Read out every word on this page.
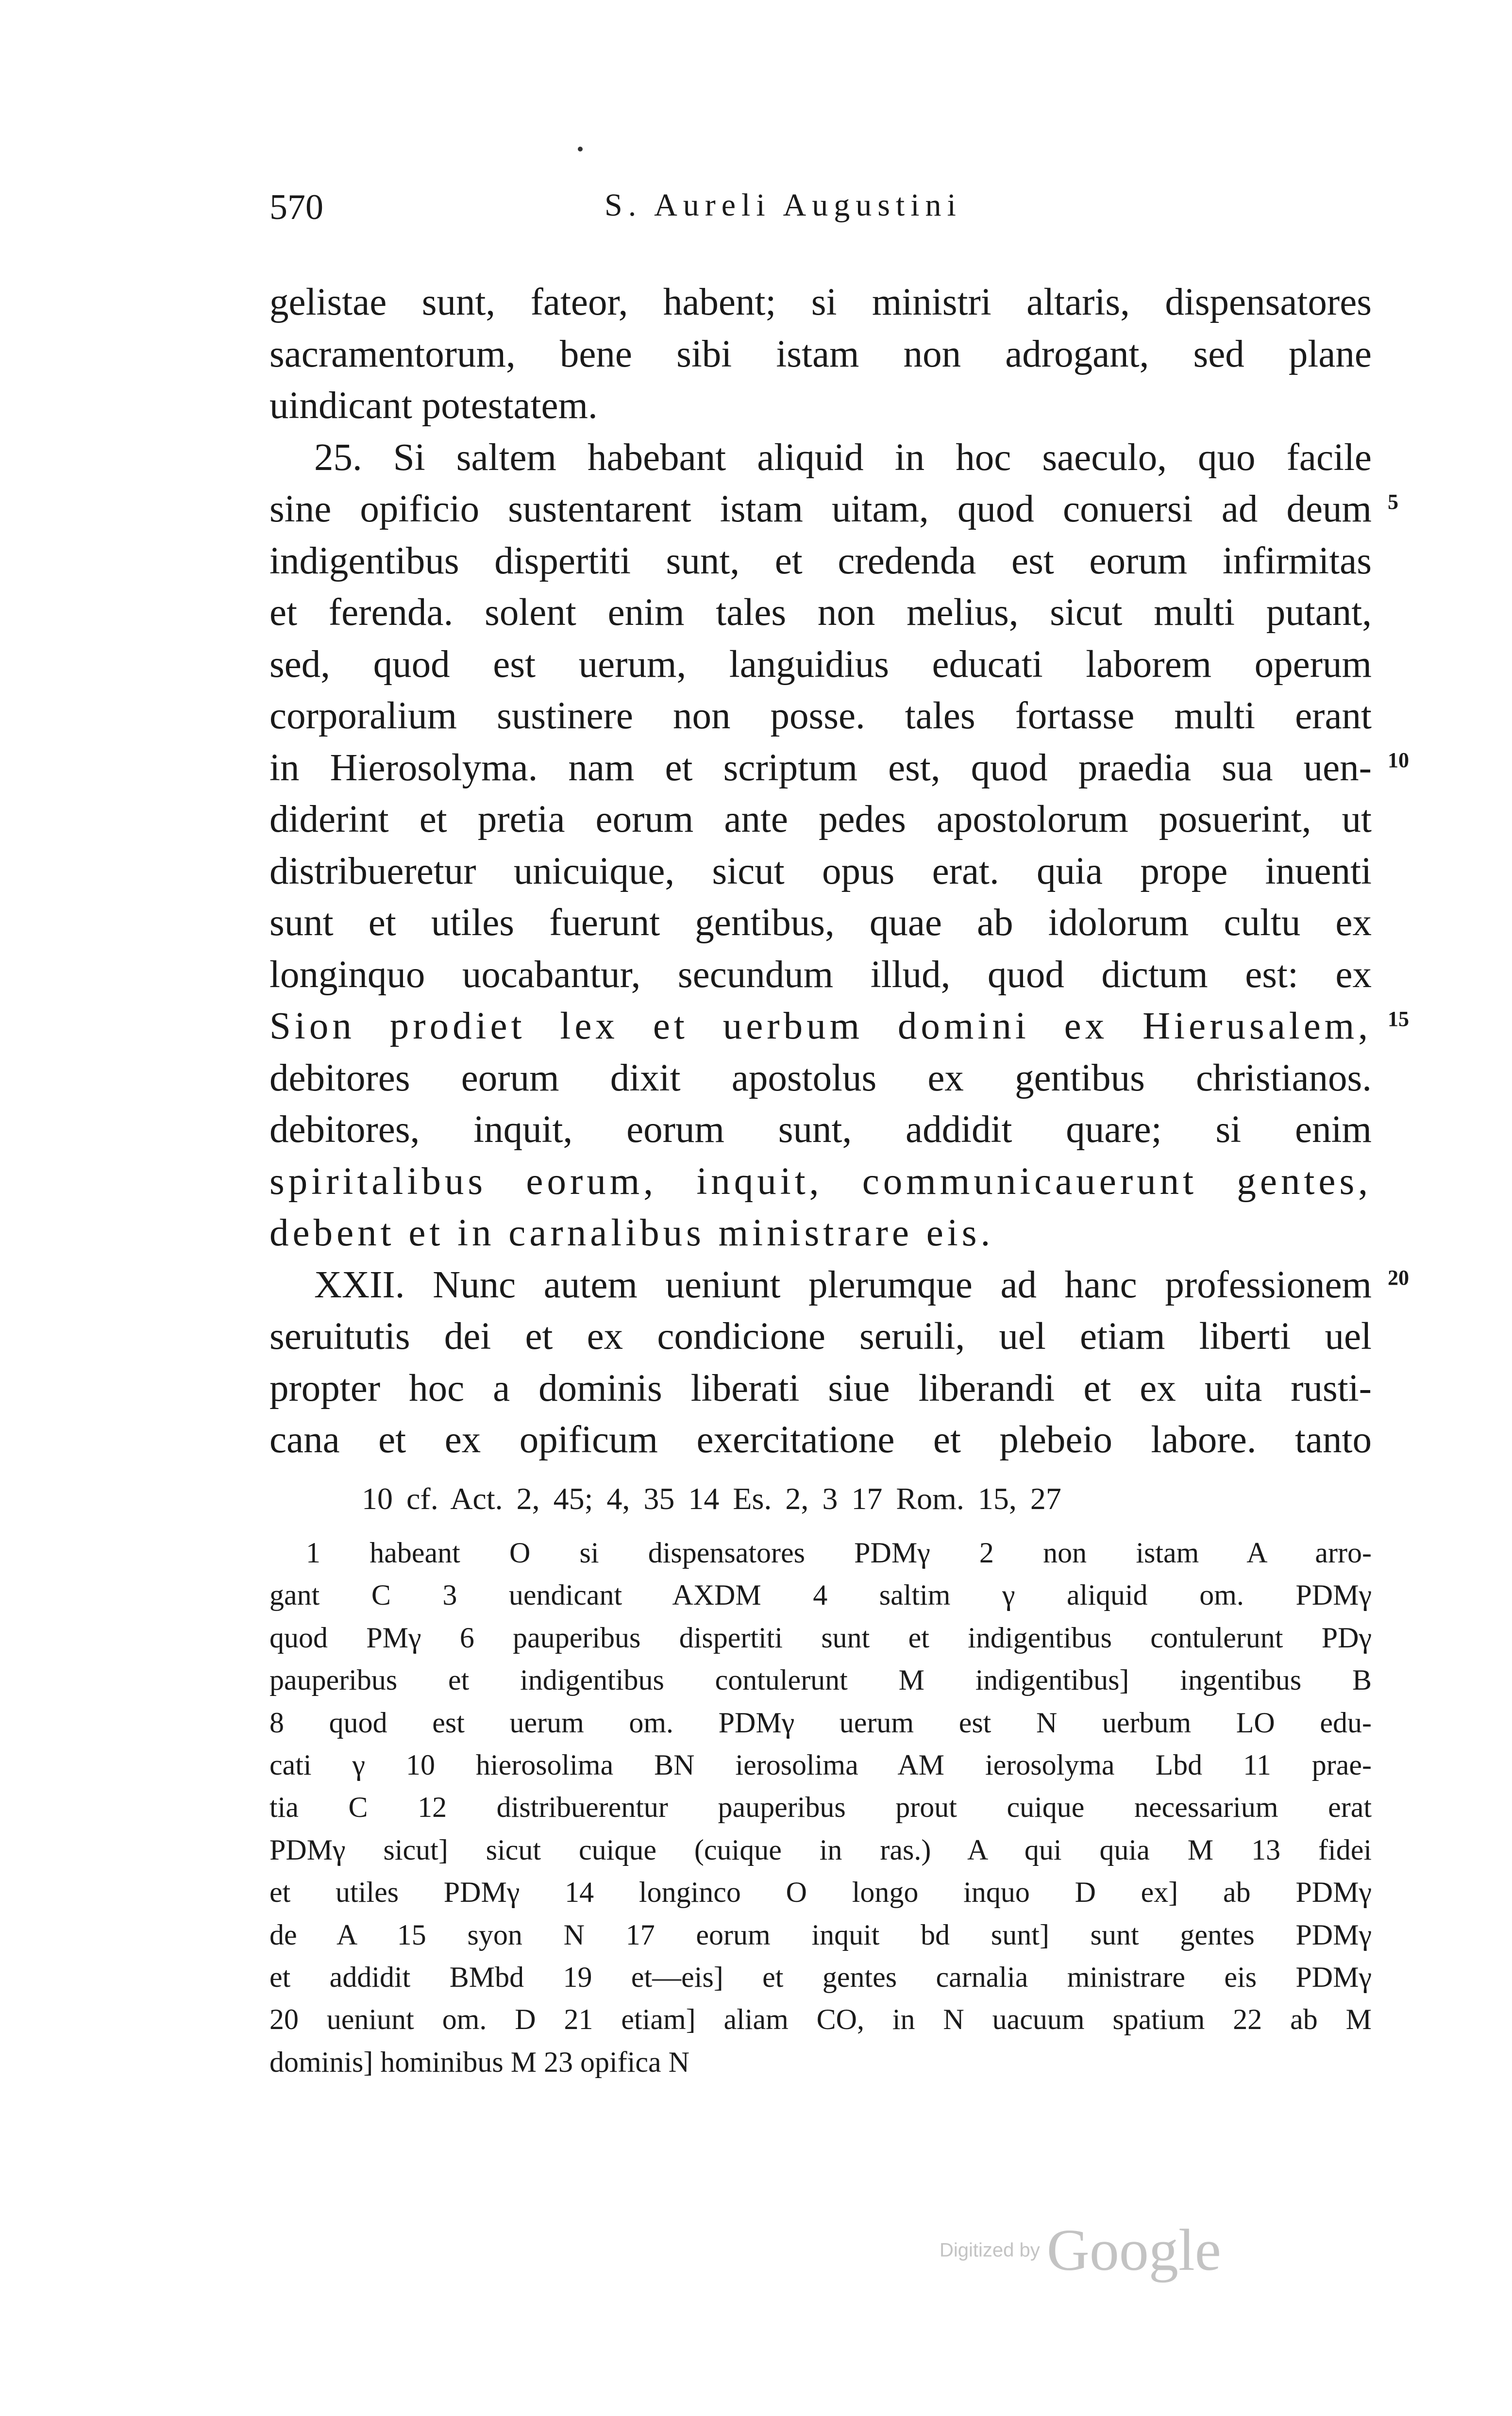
570	S. Aureli Augustini
gelistae sunt, fateor, habent; si ministri altaris, dispensatores
sacramentorum, bene sibi istam non adrogant, sed plane
uindicant potestatem.
25. Si saltem habebant aliquid in hoc saeculo, quo facile
sine opificio sustentarent istam uitam, quod conuersi ad deum
indigentibus dispertiti sunt, et credenda est eorum infirmitas
et ferenda. solent enim tales non melius, sicut multi putant,
sed, quod est uerum, languidius educati laborem operum
corporalium sustinere non posse. tales fortasse multi erant
in Hierosolyma. nam et scriptum est, quod praedia sua uen-
diderint et pretia eorum ante pedes apostolorum posuerint, ut
distribueretur unicuique, sicut opus erat. quia prope inuenti
sunt et utiles fuerunt gentibus, quae ab idolorum cultu ex
longinquo uocabantur, secundum illud, quod dictum est: ex
Sion prodiet lex et uerbum domini ex Hierusalem,
debitores eorum dixit apostolus ex gentibus christianos.
debitores, inquit, eorum sunt, addidit quare; si enim
spiritalibus eorum, inquit, communicauerunt gentes,
debent et in carnalibus ministrare eis.
XXII. Nunc autem ueniunt plerumque ad hanc professionem
seruitutis dei et ex condicione seruili, uel etiam liberti uel
propter hoc a dominis liberati siue liberandi et ex uita rusti-
cana et ex opificum exercitatione et plebeio labore. tanto
5
10
15
20
10 cf. Act. 2, 45; 4, 35 14 Es. 2, 3 17 Rom. 15, 27
1 habeant O si dispensatores PDMγ 2 non istam A arro-
gant C 3 uendicant AXDM 4 saltim γ aliquid om. PDMγ
quod PMγ 6 pauperibus dispertiti sunt et indigentibus contulerunt PDγ
pauperibus et indigentibus contulerunt M indigentibus] ingentibus B
8 quod est uerum om. PDMγ uerum est N uerbum LO edu-
cati γ 10 hierosolima BN ierosolima AM ierosolyma Lbd 11 prae-
tia C 12 distribuerentur pauperibus prout cuique necessarium erat
PDMγ sicut] sicut cuique (cuique in ras.) A qui quia M 13 fidei
et utiles PDMγ 14 longinco O longo inquo D ex] ab PDMγ
de A 15 syon N 17 eorum inquit bd sunt] sunt gentes PDMγ
et addidit BMbd 19 et—eis] et gentes carnalia ministrare eis PDMγ
20 ueniunt om. D 21 etiam] aliam CO, in N uacuum spatium 22 ab M
dominis] hominibus M 23 opifica N
Digitized by Google
